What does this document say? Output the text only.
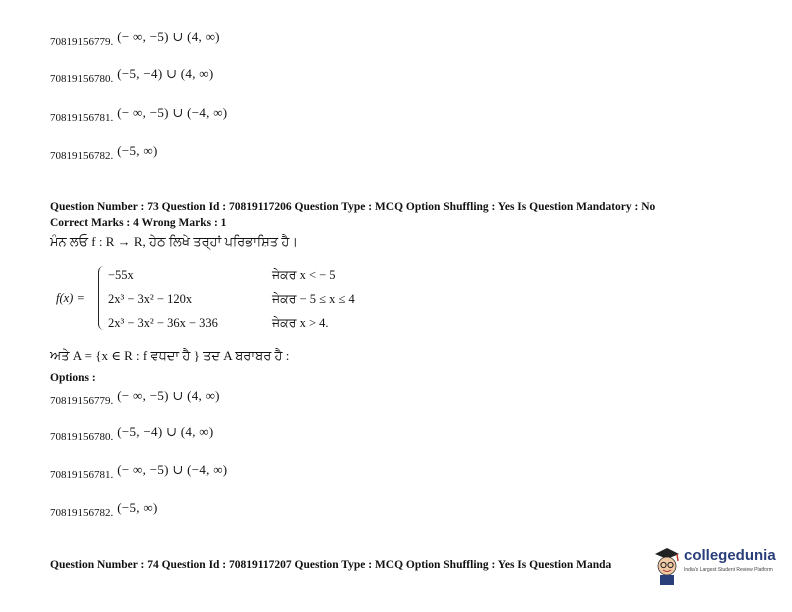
70819156779. (− ∞, −5) ∪ (4, ∞)
70819156780. (−5, −4) ∪ (4, ∞)
70819156781. (− ∞, −5) ∪ (−4, ∞)
70819156782. (−5, ∞)
Question Number : 73 Question Id : 70819117206 Question Type : MCQ Option Shuffling : Yes Is Question Mandatory : No
Correct Marks : 4 Wrong Marks : 1
ਮੰਨ ਲਓ f : R → R, ਹੇਠ ਲਿਖੇ ਤਰ੍ਹਾਂ ਪਰਿਭਾਸ਼ਿਤ ਹੈ।
f(x) =
−55x
2x³ − 3x² − 120x
2x³ − 3x² − 36x − 336
ਜੇਕਰ x < − 5
ਜੇਕਰ − 5 ≤ x ≤ 4
ਜੇਕਰ x > 4.
ਅਤੇ A = {x ∈ R : f ਵਧਦਾ ਹੈ } ਤਦ A ਬਰਾਬਰ ਹੈ :
Options :
70819156779. (− ∞, −5) ∪ (4, ∞)
70819156780. (−5, −4) ∪ (4, ∞)
70819156781. (− ∞, −5) ∪ (−4, ∞)
70819156782. (−5, ∞)
Question Number : 74 Question Id : 70819117207 Question Type : MCQ Option Shuffling : Yes Is Question Manda
collegedunia
India's Largest Student Review Platform
